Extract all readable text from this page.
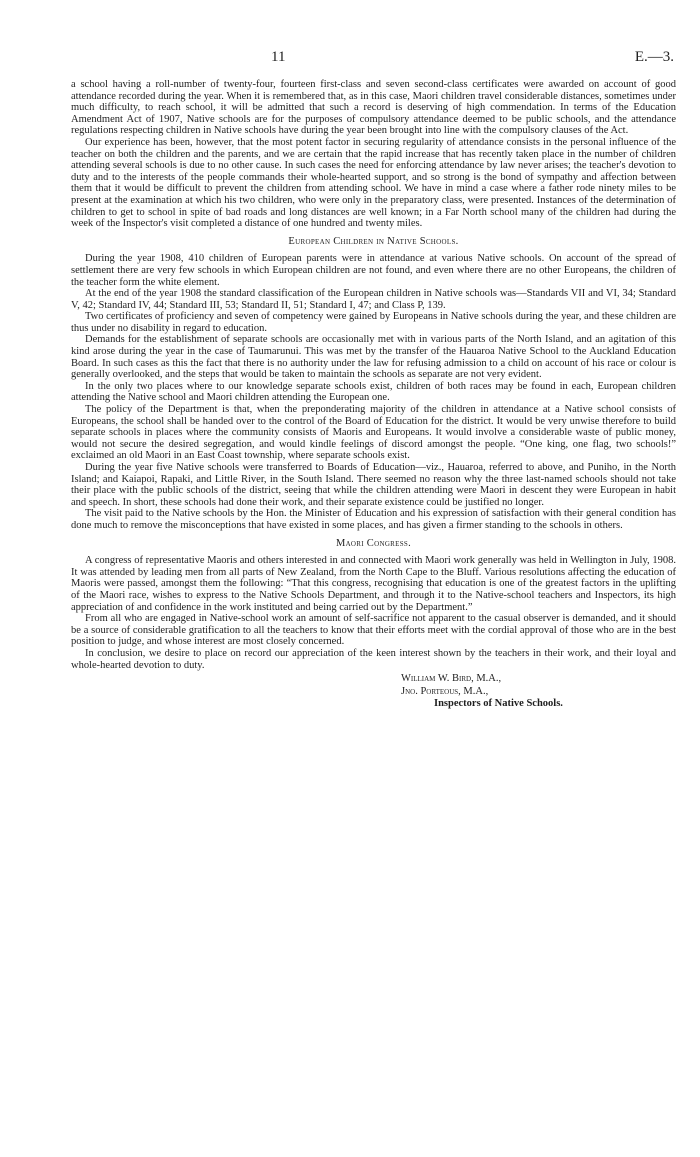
11	E.—3.

a school having a roll-number of twenty-four, fourteen first-class and seven second-class certificates were awarded on account of good attendance recorded during the year. When it is remembered that, as in this case, Maori children travel considerable distances, sometimes under much difficulty, to reach school, it will be admitted that such a record is deserving of high commendation. In terms of the Education Amendment Act of 1907, Native schools are for the purposes of compulsory attendance deemed to be public schools, and the attendance regulations respecting children in Native schools have during the year been brought into line with the compulsory clauses of the Act.

Our experience has been, however, that the most potent factor in securing regularity of attendance consists in the personal influence of the teacher on both the children and the parents, and we are certain that the rapid increase that has recently taken place in the number of children attending several schools is due to no other cause. In such cases the need for enforcing attendance by law never arises; the teacher's devotion to duty and to the interests of the people commands their whole-hearted support, and so strong is the bond of sympathy and affection between them that it would be difficult to prevent the children from attending school. We have in mind a case where a father rode ninety miles to be present at the examination at which his two children, who were only in the preparatory class, were presented. Instances of the determination of children to get to school in spite of bad roads and long distances are well known; in a Far North school many of the children had during the week of the Inspector's visit completed a distance of one hundred and twenty miles.

European Children in Native Schools.

During the year 1908, 410 children of European parents were in attendance at various Native schools. On account of the spread of settlement there are very few schools in which European children are not found, and even where there are no other Europeans, the children of the teacher form the white element.

At the end of the year 1908 the standard classification of the European children in Native schools was—Standards VII and VI, 34; Standard V, 42; Standard IV, 44; Standard III, 53; Standard II, 51; Standard I, 47; and Class P, 139.

Two certificates of proficiency and seven of competency were gained by Europeans in Native schools during the year, and these children are thus under no disability in regard to education.

Demands for the establishment of separate schools are occasionally met with in various parts of the North Island, and an agitation of this kind arose during the year in the case of Taumarunui. This was met by the transfer of the Hauaroa Native School to the Auckland Education Board. In such cases as this the fact that there is no authority under the law for refusing admission to a child on account of his race or colour is generally overlooked, and the steps that would be taken to maintain the schools as separate are not very evident.

In the only two places where to our knowledge separate schools exist, children of both races may be found in each, European children attending the Native school and Maori children attending the European one.

The policy of the Department is that, when the preponderating majority of the children in attendance at a Native school consists of Europeans, the school shall be handed over to the control of the Board of Education for the district. It would be very unwise therefore to build separate schools in places where the community consists of Maoris and Europeans. It would involve a considerable waste of public money, would not secure the desired segregation, and would kindle feelings of discord amongst the people. “One king, one flag, two schools!” exclaimed an old Maori in an East Coast township, where separate schools exist.

During the year five Native schools were transferred to Boards of Education—viz., Hauaroa, referred to above, and Puniho, in the North Island; and Kaiapoi, Rapaki, and Little River, in the South Island. There seemed no reason why the three last-named schools should not take their place with the public schools of the district, seeing that while the children attending were Maori in descent they were European in habit and speech. In short, these schools had done their work, and their separate existence could be justified no longer.

The visit paid to the Native schools by the Hon. the Minister of Education and his expression of satisfaction with their general condition has done much to remove the misconceptions that have existed in some places, and has given a firmer standing to the schools in others.

Maori Congress.

A congress of representative Maoris and others interested in and connected with Maori work generally was held in Wellington in July, 1908. It was attended by leading men from all parts of New Zealand, from the North Cape to the Bluff. Various resolutions affecting the education of Maoris were passed, amongst them the following: “That this congress, recognising that education is one of the greatest factors in the uplifting of the Maori race, wishes to express to the Native Schools Department, and through it to the Native-school teachers and Inspectors, its high appreciation of and confidence in the work instituted and being carried out by the Department.”

From all who are engaged in Native-school work an amount of self-sacrifice not apparent to the casual observer is demanded, and it should be a source of considerable gratification to all the teachers to know that their efforts meet with the cordial approval of those who are in the best position to judge, and whose interest are most closely concerned.

In conclusion, we desire to place on record our appreciation of the keen interest shown by the teachers in their work, and their loyal and whole-hearted devotion to duty.

William W. Bird, M.A.,
Jno. Porteous, M.A.,
Inspectors of Native Schools.
